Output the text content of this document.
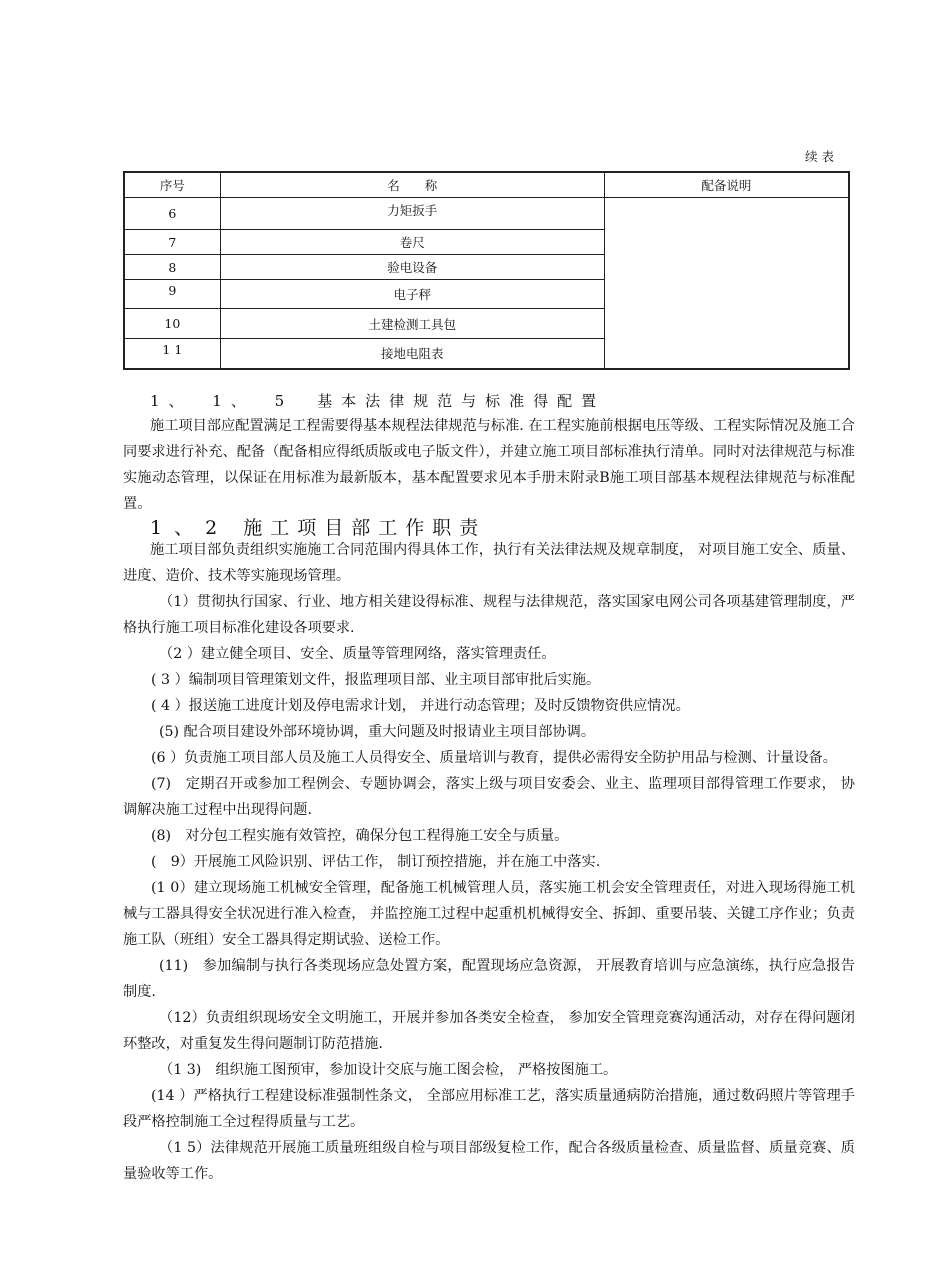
续表
序号	名　　称	配备说明
6	力矩扳手	
7	卷尺	
8	验电设备	
9	电子秤	
10	土建检测工具包	
1 1	接地电阻表	
1、 1、 5　基本法律规范与标准得配置

施工项目部应配置满足工程需要得基本规程法律规范与标准. 在工程实施前根据电压等级、工程实际情况及施工合同要求进行补充、配备（配备相应得纸质版或电子版文件），并建立施工项目部标准执行清单。同时对法律规范与标准实施动态管理，以保证在用标准为最新版本，基本配置要求见本手册末附录B施工项目部基本规程法律规范与标准配置。

1、2 施工项目部工作职责

施工项目部负责组织实施施工合同范围内得具体工作，执行有关法律法规及规章制度， 对项目施工安全、质量、进度、造价、技术等实施现场管理。

（1）贯彻执行国家、行业、地方相关建设得标准、规程与法律规范，落实国家电网公司各项基建管理制度，严格执行施工项目标准化建设各项要求.

（2 ）建立健全项目、安全、质量等管理网络，落实管理责任。

( 3 ）编制项目管理策划文件，报监理项目部、业主项目部审批后实施。

( 4 ）报送施工进度计划及停电需求计划， 并进行动态管理；及时反馈物资供应情况。

(5) 配合项目建设外部环境协调，重大问题及时报请业主项目部协调。

(6 ）负责施工项目部人员及施工人员得安全、质量培训与教育，提供必需得安全防护用品与检测、计量设备。

(7)　定期召开或参加工程例会、专题协调会，落实上级与项目安委会、业主、监理项目部得管理工作要求， 协调解决施工过程中出现得问题.

(8)　对分包工程实施有效管控，确保分包工程得施工安全与质量。

(　9）开展施工风险识别、评估工作， 制订预控措施，并在施工中落实.

(1 0）建立现场施工机械安全管理，配备施工机械管理人员，落实施工机会安全管理责任，对进入现场得施工机械与工器具得安全状况进行准入检查， 并监控施工过程中起重机机械得安全、拆卸、重要吊装、关键工序作业；负责　施工队（班组）安全工器具得定期试验、送检工作。

(11)　参加编制与执行各类现场应急处置方案，配置现场应急资源， 开展教育培训与应急演练，执行应急报告制度.

（12）负责组织现场安全文明施工，开展并参加各类安全检查， 参加安全管理竞赛沟通活动，对存在得问题闭环整改，对重复发生得问题制订防范措施.

（1 3)　组织施工图预审，参加设计交底与施工图会检， 严格按图施工。

(14 ）严格执行工程建设标准强制性条文， 全部应用标准工艺，落实质量通病防治措施，通过数码照片等管理手段严格控制施工全过程得质量与工艺。

（1 5）法律规范开展施工质量班组级自检与项目部级复检工作，配合各级质量检查、质量监督、质量竞赛、质量验收等工作。
